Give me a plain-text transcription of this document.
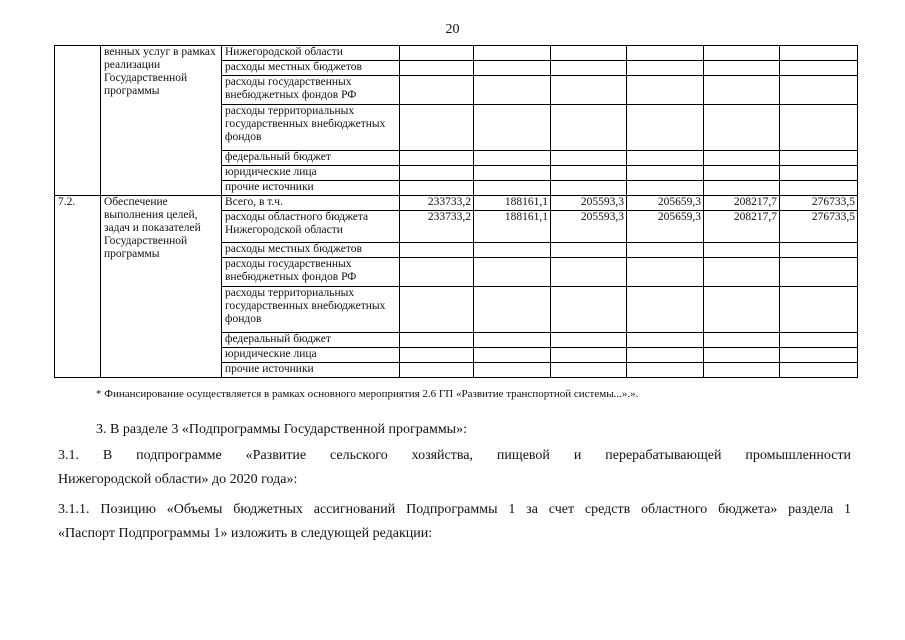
20
	венных услуг в рамках реализации Государственной программы	Нижегородской области						
		расходы местных бюджетов						
		расходы государственных внебюджетных фондов РФ						
		расходы территориальных государственных внебюджетных фондов						
		федеральный бюджет						
		юридические лица						
		прочие источники						
7.2.	Обеспечение выполнения целей, задач и показателей Государственной программы	Всего, в т.ч.	233733,2	188161,1	205593,3	205659,3	208217,7	276733,5
		расходы областного бюджета Нижегородской области	233733,2	188161,1	205593,3	205659,3	208217,7	276733,5
		расходы местных бюджетов						
		расходы государственных внебюджетных фондов РФ						
		расходы территориальных государственных внебюджетных фондов						
		федеральный бюджет						
		юридические лица						
		прочие источники						
* Финансирование осуществляется в рамках основного мероприятия 2.6 ГП «Развитие транспортной системы...».».
3. В разделе 3 «Подпрограммы Государственной программы»:
3.1. В подпрограмме «Развитие сельского хозяйства, пищевой и перерабатывающей промышленности
Нижегородской области» до 2020 года»:
3.1.1. Позицию «Объемы бюджетных ассигнований Подпрограммы 1 за счет средств областного бюджета» раздела 1
«Паспорт Подпрограммы 1» изложить в следующей редакции:
